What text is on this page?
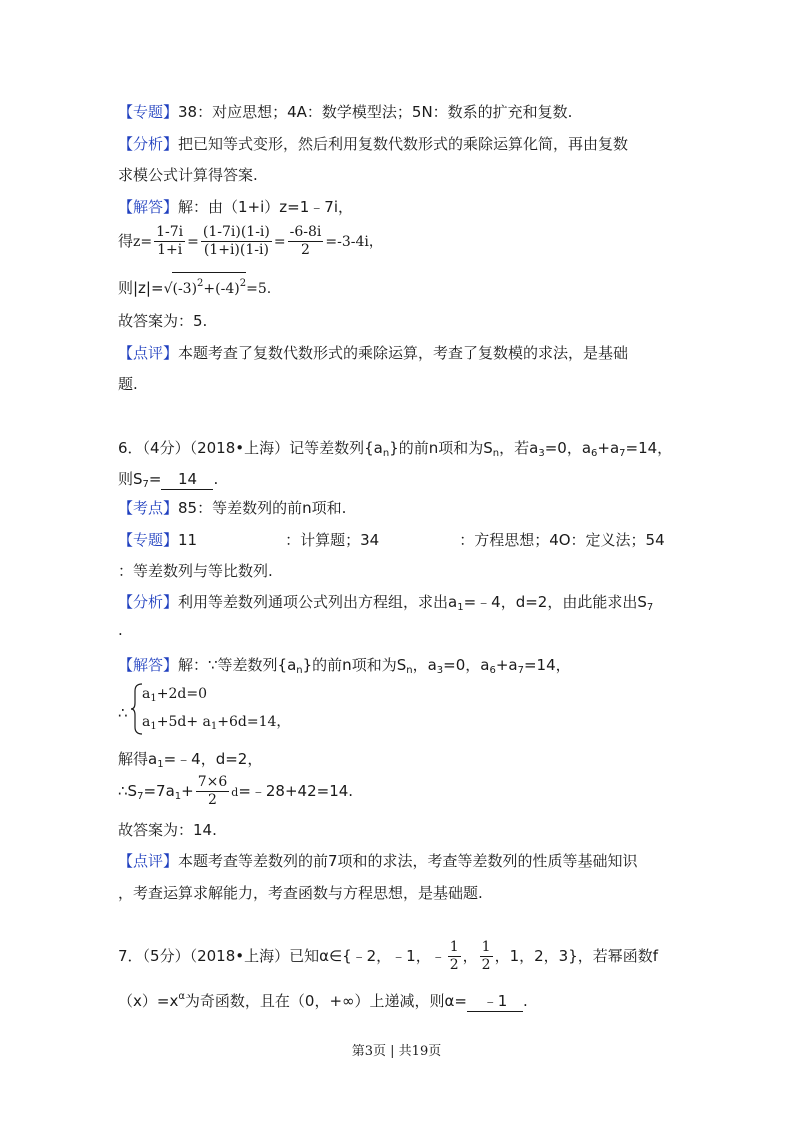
【专题】38：对应思想；4A：数学模型法；5N：数系的扩充和复数.
【分析】把已知等式变形，然后利用复数代数形式的乘除运算化简，再由复数
求模公式计算得答案.
【解答】解：由（1+i）z=1﹣7i，
得$z= \frac{1-7i}{1+i} = \frac{(1-7i)(1-i)}{(1+i)(1-i)} = \frac{-6-8i}{2} =-3-4i$，
则$|z|=√(-3)^2+(-4)^2=5$.
故答案为：5.
【点评】本题考查了复数代数形式的乘除运算，考查了复数模的求法，是基础
题.
6．（4分）（2018•上海）记等差数列$\{a_n\}$的前n项和为$S_n$，若$a_3=0$，$a_6+a_7=14$，
则$S_7= 14$ .
【考点】85：等差数列的前n项和.
【专题】11	：计算题；34	：方程思想；4O：定义法；54
：等差数列与等比数列.
【分析】利用等差数列通项公式列出方程组，求出$a_1=﹣4$，d=2，由此能求出$S_7$
.
【解答】解：∵等差数列$\{a_n\}$的前n项和为$S_n$，$a_3=0$，$a_6+a_7=14$，
∴
$a_1+2d=0$
$a_1+5d+ a_1+6d=14$，
解得$a_1=﹣4$，d=2，
$\therefore S_7=7a_1+ \frac{7\times 6}{2}$ d=﹣28+42=14.
故答案为：14.
【点评】本题考查等差数列的前7项和的求法，考查等差数列的性质等基础知识
，考查运算求解能力，考查函数与方程思想，是基础题.
7．（5分）（2018•上海）已知α∈{﹣2，﹣1，﹣ $\frac{1}{2}$ ， $\frac{1}{2}$ ，1，2，3}，若幂函数f
$(x)=x^\alpha$为奇函数，且在（0，+∞）上递减，则α= ﹣1 .
第3页 | 共19页
